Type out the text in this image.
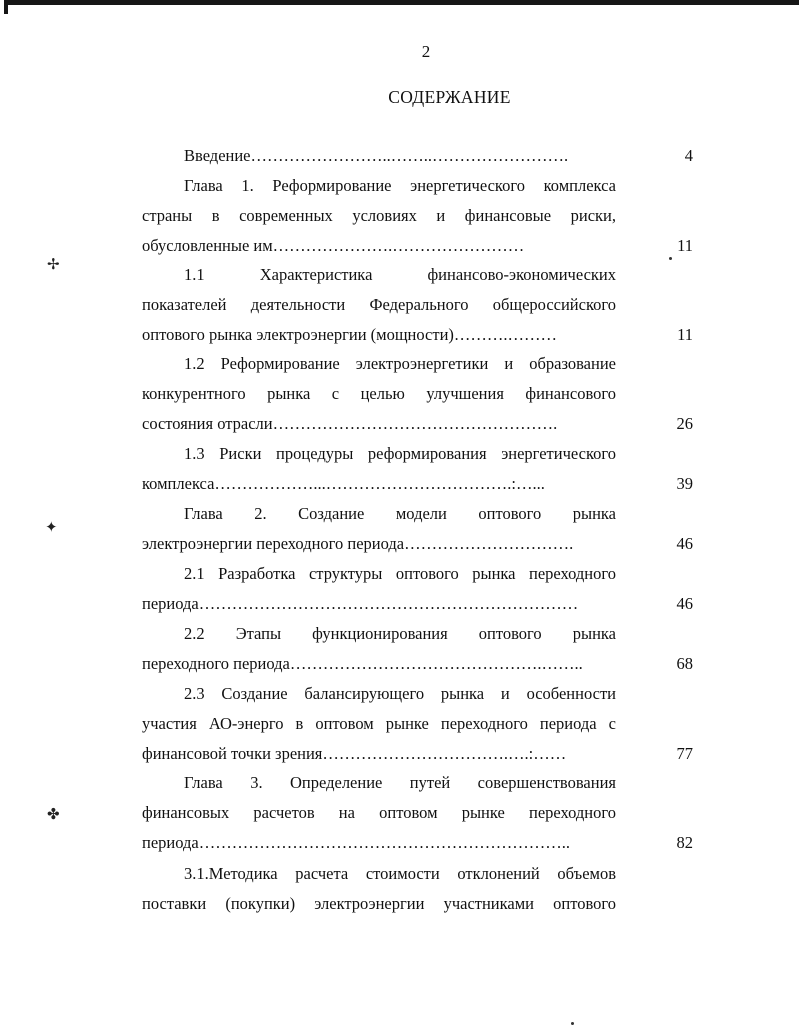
2
СОДЕРЖАНИЕ
Введение……………………..……..…………………….	4
Глава 1. Реформирование энергетического комплекса
страны в современных условиях и финансовые риски,
обусловленные им………………….……………………	11
1.1 Характеристика финансово-экономических
показателей деятельности Федерального общероссийского
оптового рынка электроэнергии (мощности)……….………	11
1.2 Реформирование электроэнергетики и образование
конкурентного рынка с целью улучшения финансового
состояния отрасли…………………………………………….	26
1.3 Риски процедуры реформирования энергетического
комплекса………………...…………………………….:…...	39
Глава 2. Создание модели оптового рынка
электроэнергии переходного периода………………………….	46
2.1 Разработка структуры оптового рынка переходного
периода……………………………………………………………	46
2.2 Этапы функционирования оптового рынка
переходного периода……………………………………….……..	68
2.3 Создание балансирующего рынка и особенности
участия АО-энерго в оптовом рынке переходного периода с
финансовой точки зрения…………………………….….:……	77
Глава 3. Определение путей совершенствования
финансовых расчетов на оптовом рынке переходного
периода…………………………………………………………..	82
3.1.Методика расчета стоимости отклонений объемов
поставки (покупки) электроэнергии участниками оптового
✢
✦
✤
